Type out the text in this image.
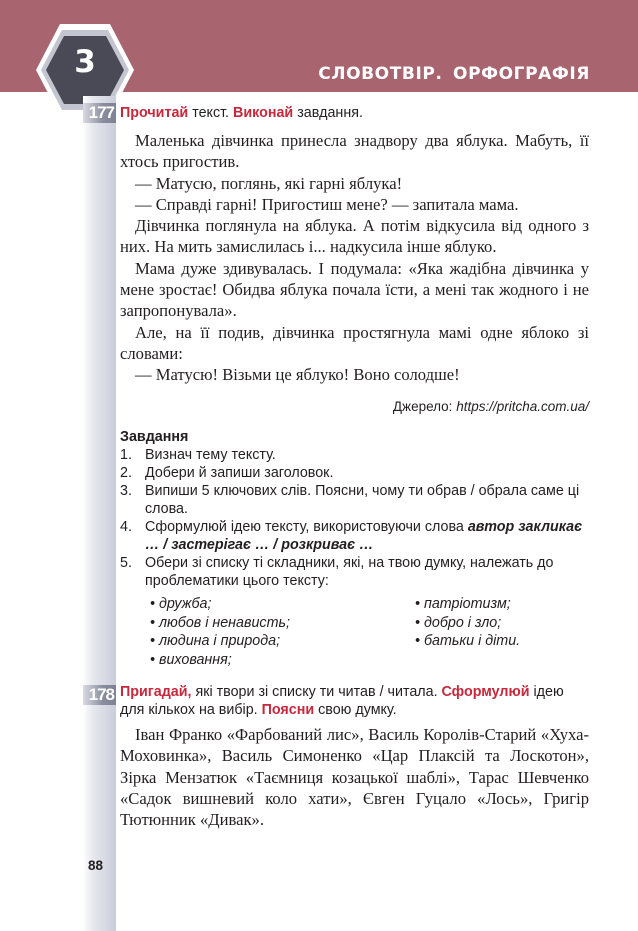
3	СЛОВОТВІР. ОРФОГРАФІЯ
177 Прочитай текст. Виконай завдання.

Маленька дівчинка принесла знадвору два яблука. Мабуть, її хтось пригостив.

— Матусю, поглянь, які гарні яблука!

— Справді гарні! Пригостиш мене? — запитала мама.

Дівчинка поглянула на яблука. А потім відкусила від одного з них. На мить замислилась і... надкусила інше яблуко.

Мама дуже здивувалась. І подумала: «Яка жадібна дівчинка у мене зростає! Обидва яблука почала їсти, а мені так жодного і не запропонувала».

Але, на її подив, дівчинка простягнула мамі одне яблоко зі словами:

— Матусю! Візьми це яблуко! Воно солодше!

Джерело: https://pritcha.com.ua/
Завдання
1. Визнач тему тексту.
2. Добери й запиши заголовок.
3. Випиши 5 ключових слів. Поясни, чому ти обрав / обрала саме ці слова.
4. Сформулюй ідею тексту, використовуючи слова автор закликає … / застерігає … / розкриває …
5. Обери зі списку ті складники, які, на твою думку, належать до проблематики цього тексту:
• дружба;
• любов і ненависть;
• людина і природа;
• виховання;
• патріотизм;
• добро і зло;
• батьки і діти.
178 Пригадай, які твори зі списку ти читав / читала. Сформулюй ідею для кількох на вибір. Поясни свою думку.

Іван Франко «Фарбований лис», Василь Королів-Старий «Хуха-Моховинка», Василь Симоненко «Цар Плаксій та Лоскотон», Зірка Мензатюк «Таємниця козацької шаблі», Тарас Шевченко «Садок вишневий коло хати», Євген Гуцало «Лось», Григір Тютюнник «Дивак».

88
